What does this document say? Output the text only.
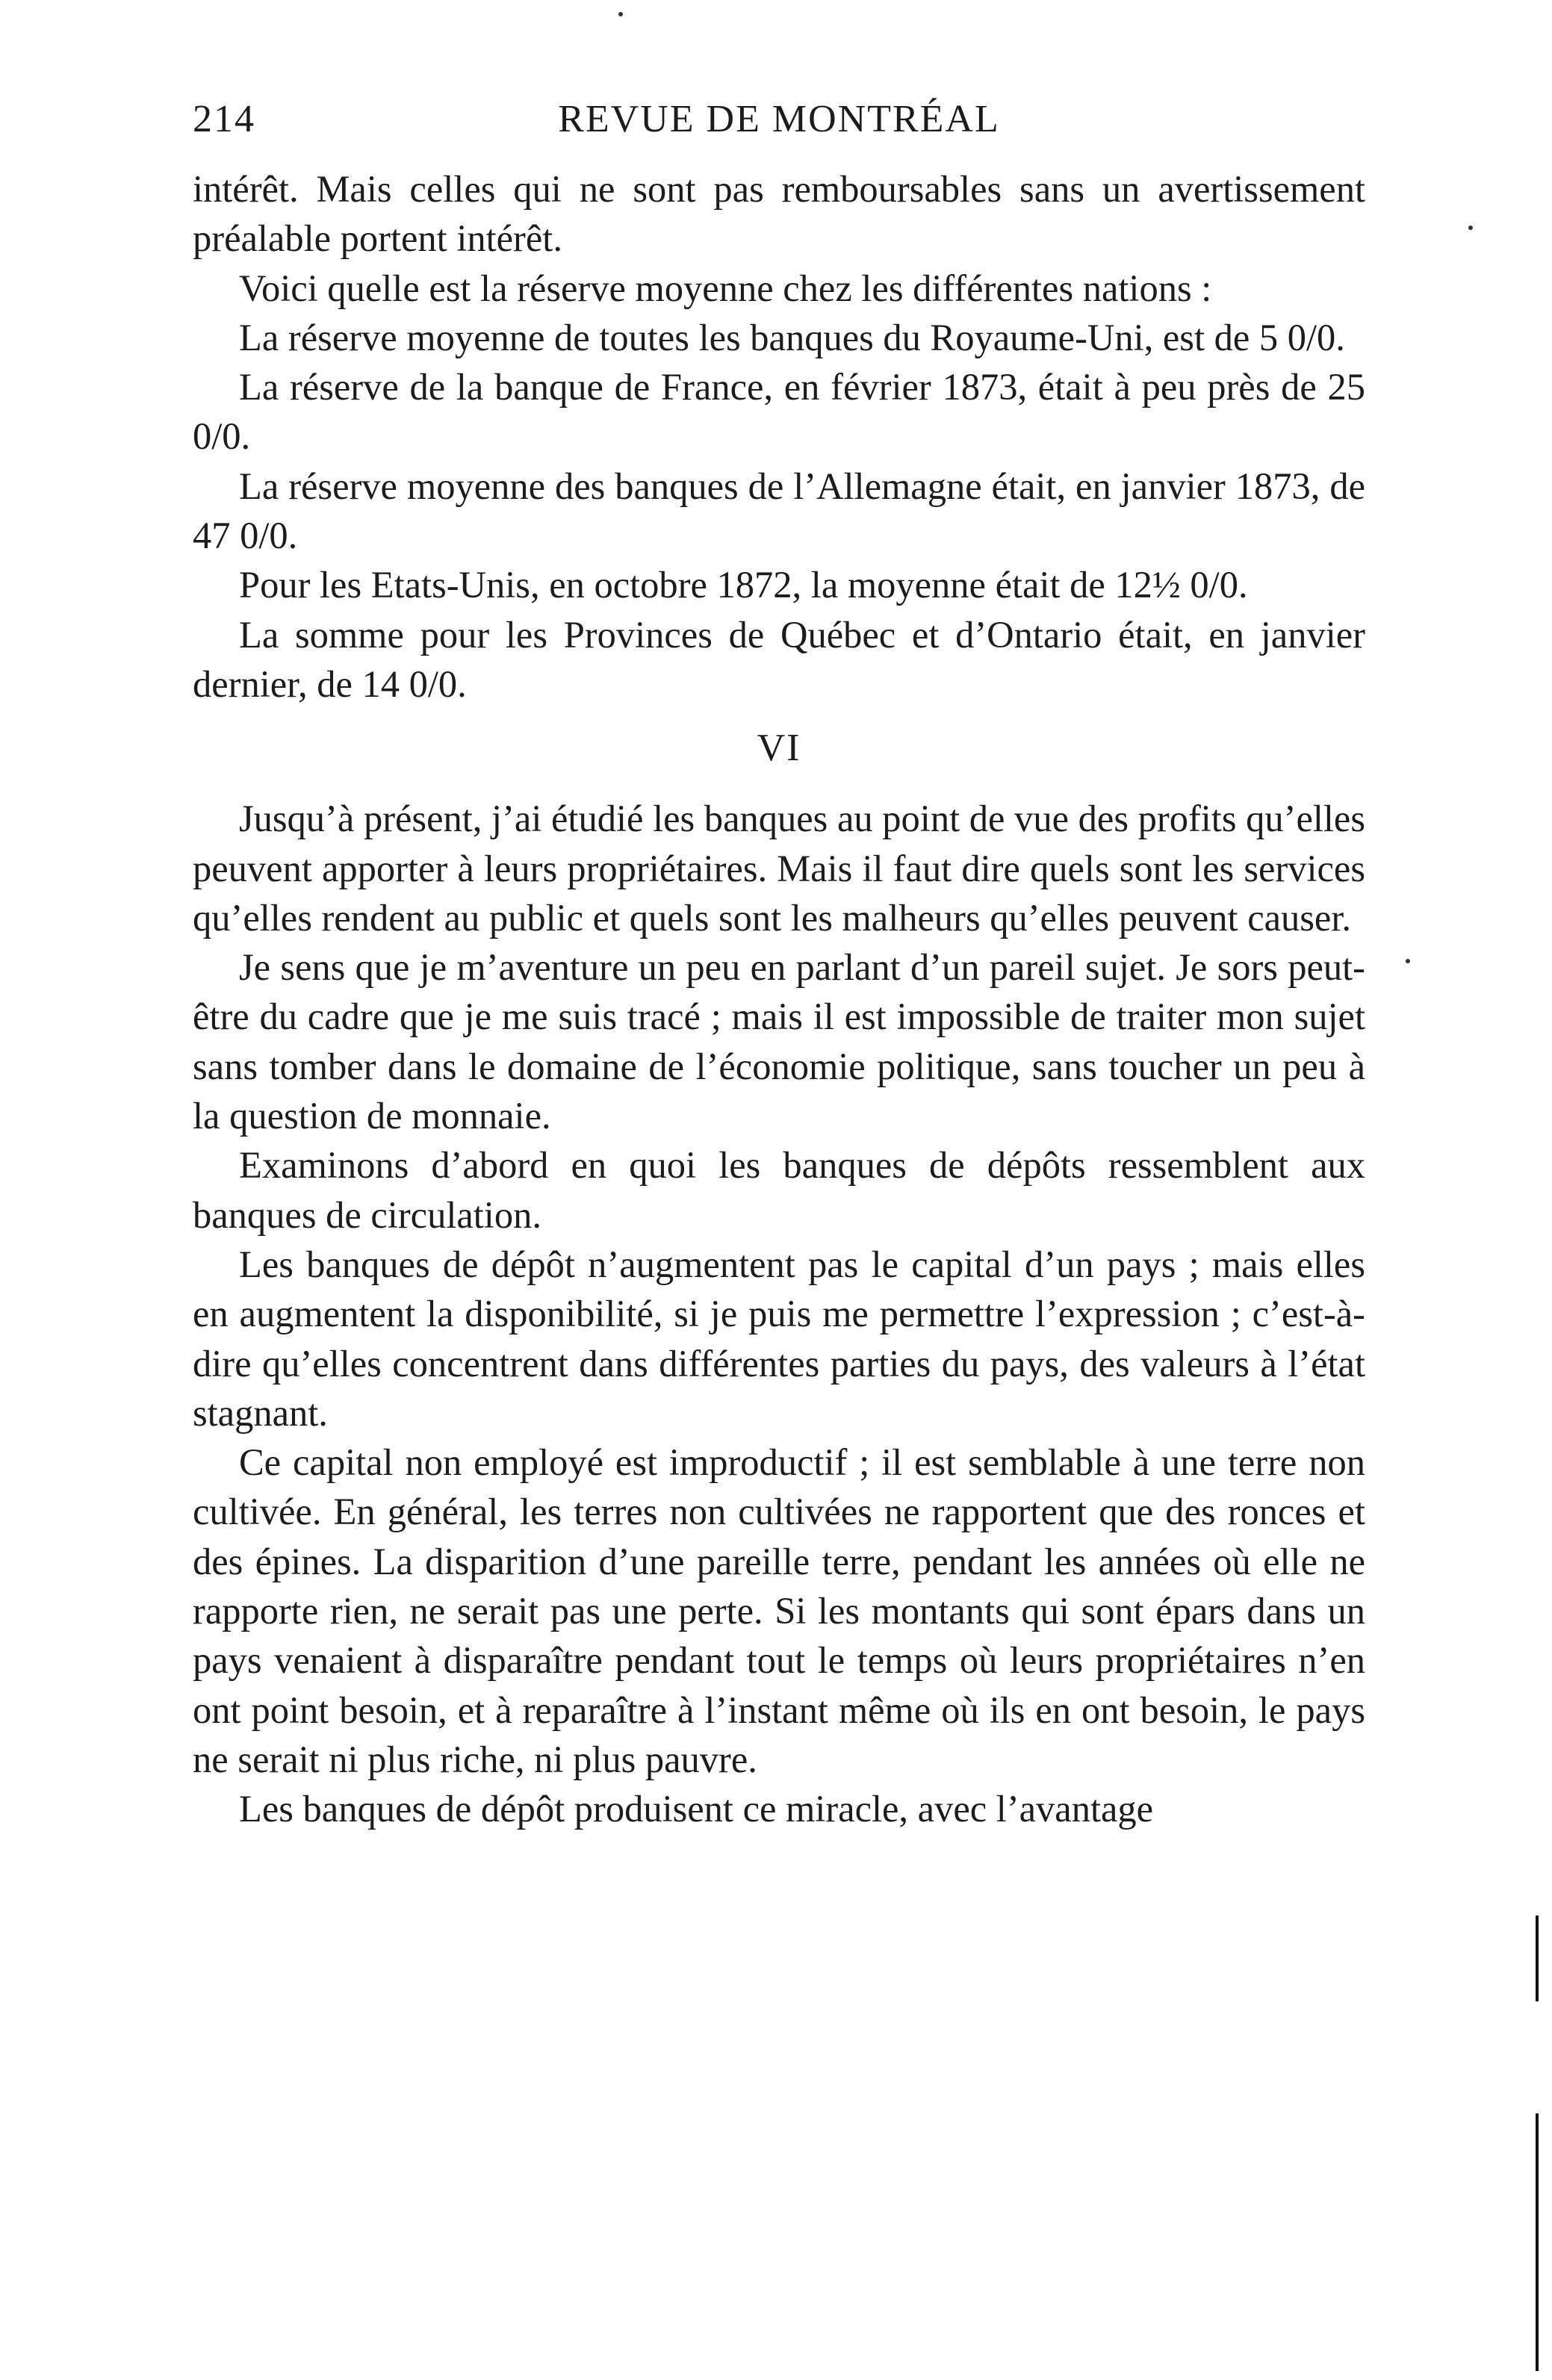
214	REVUE DE MONTRÉAL

intérêt. Mais celles qui ne sont pas remboursables sans un avertissement préalable portent intérêt.

Voici quelle est la réserve moyenne chez les différentes nations :

La réserve moyenne de toutes les banques du Royaume-Uni, est de 5 0/0.

La réserve de la banque de France, en février 1873, était à peu près de 25 0/0.

La réserve moyenne des banques de l’Allemagne était, en janvier 1873, de 47 0/0.

Pour les Etats-Unis, en octobre 1872, la moyenne était de 12½ 0/0.

La somme pour les Provinces de Québec et d’Ontario était, en janvier dernier, de 14 0/0.

VI

Jusqu’à présent, j’ai étudié les banques au point de vue des profits qu’elles peuvent apporter à leurs propriétaires. Mais il faut dire quels sont les services qu’elles rendent au public et quels sont les malheurs qu’elles peuvent causer.

Je sens que je m’aventure un peu en parlant d’un pareil sujet. Je sors peut-être du cadre que je me suis tracé ; mais il est impossible de traiter mon sujet sans tomber dans le domaine de l’économie politique, sans toucher un peu à la question de monnaie.

Examinons d’abord en quoi les banques de dépôts ressemblent aux banques de circulation.

Les banques de dépôt n’augmentent pas le capital d’un pays ; mais elles en augmentent la disponibilité, si je puis me permettre l’expression ; c’est-à-dire qu’elles concentrent dans différentes parties du pays, des valeurs à l’état stagnant.

Ce capital non employé est improductif ; il est semblable à une terre non cultivée. En général, les terres non cultivées ne rapportent que des ronces et des épines. La disparition d’une pareille terre, pendant les années où elle ne rapporte rien, ne serait pas une perte. Si les montants qui sont épars dans un pays venaient à disparaître pendant tout le temps où leurs propriétaires n’en ont point besoin, et à reparaître à l’instant même où ils en ont besoin, le pays ne serait ni plus riche, ni plus pauvre.

Les banques de dépôt produisent ce miracle, avec l’avantage
